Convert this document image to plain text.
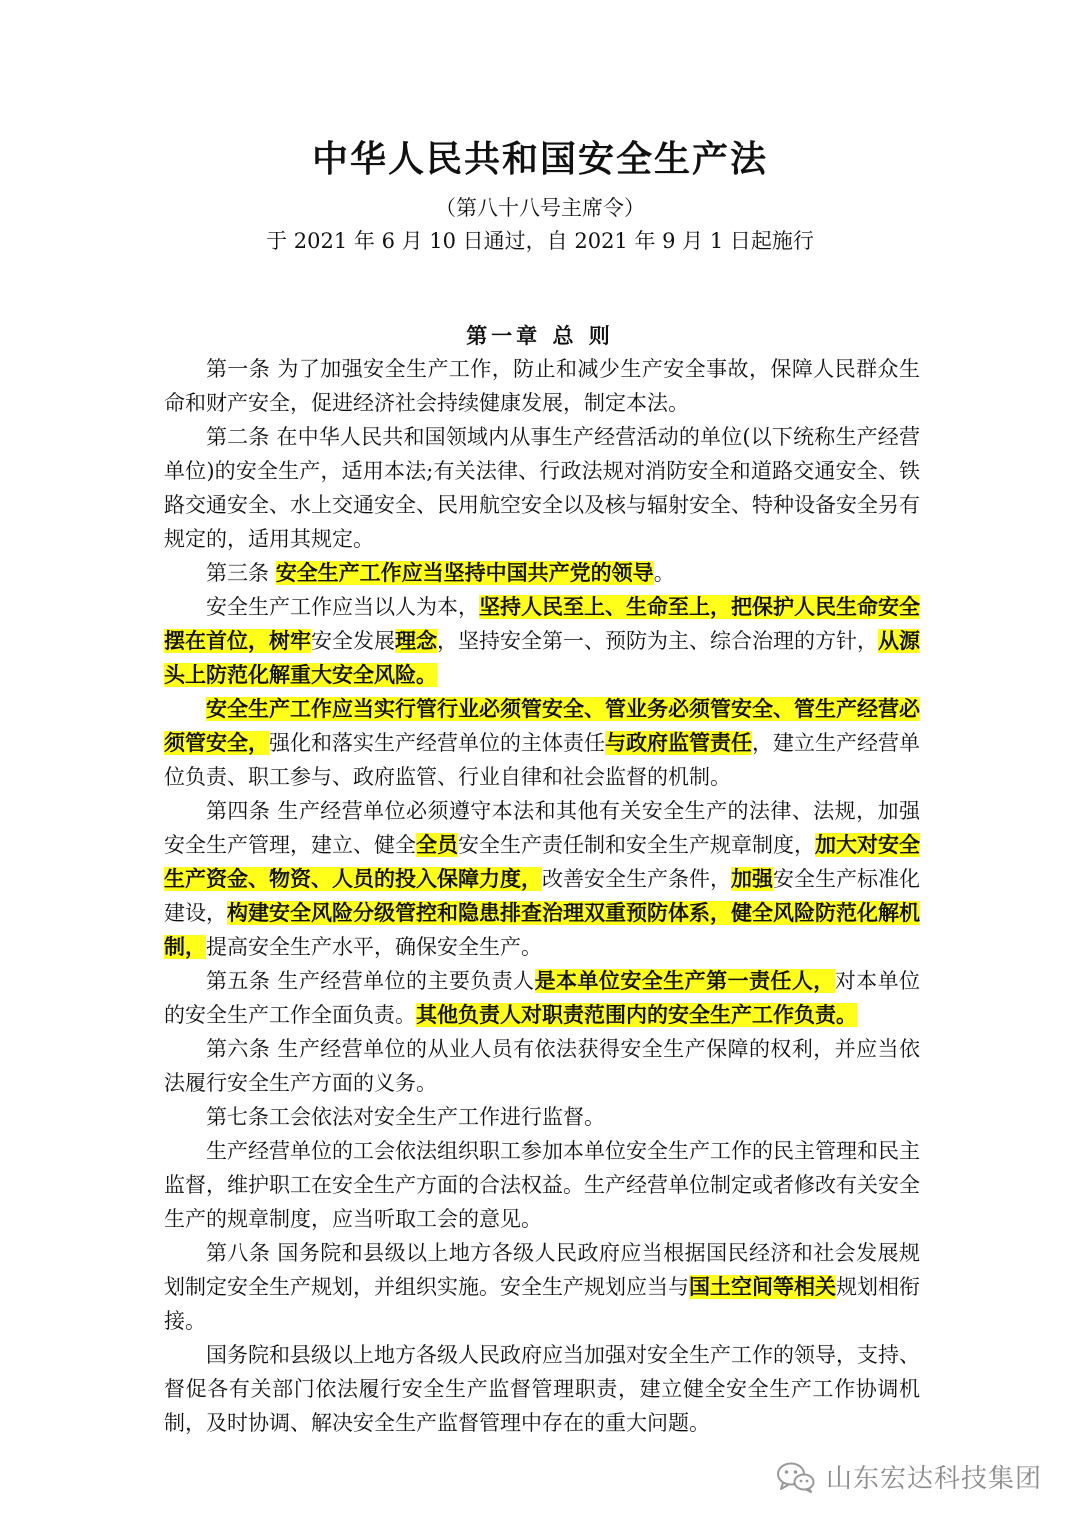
中华人民共和国安全生产法
（第八十八号主席令）
于 2021 年 6 月 10 日通过，自 2021 年 9 月 1 日起施行
第一章 总 则

第一条 为了加强安全生产工作，防止和减少生产安全事故，保障人民群众生命和财产安全，促进经济社会持续健康发展，制定本法。

第二条 在中华人民共和国领域内从事生产经营活动的单位(以下统称生产经营单位)的安全生产，适用本法;有关法律、行政法规对消防安全和道路交通安全、铁路交通安全、水上交通安全、民用航空安全以及核与辐射安全、特种设备安全另有规定的，适用其规定。

第三条 安全生产工作应当坚持中国共产党的领导。

安全生产工作应当以人为本，坚持人民至上、生命至上，把保护人民生命安全摆在首位，树牢安全发展理念，坚持安全第一、预防为主、综合治理的方针，从源头上防范化解重大安全风险。

安全生产工作应当实行管行业必须管安全、管业务必须管安全、管生产经营必须管安全，强化和落实生产经营单位的主体责任与政府监管责任，建立生产经营单位负责、职工参与、政府监管、行业自律和社会监督的机制。

第四条 生产经营单位必须遵守本法和其他有关安全生产的法律、法规，加强安全生产管理，建立、健全全员安全生产责任制和安全生产规章制度，加大对安全生产资金、物资、人员的投入保障力度，改善安全生产条件，加强安全生产标准化建设，构建安全风险分级管控和隐患排查治理双重预防体系，健全风险防范化解机制，提高安全生产水平，确保安全生产。

第五条 生产经营单位的主要负责人是本单位安全生产第一责任人，对本单位的安全生产工作全面负责。其他负责人对职责范围内的安全生产工作负责。

第六条 生产经营单位的从业人员有依法获得安全生产保障的权利，并应当依法履行安全生产方面的义务。

第七条工会依法对安全生产工作进行监督。

生产经营单位的工会依法组织职工参加本单位安全生产工作的民主管理和民主监督，维护职工在安全生产方面的合法权益。生产经营单位制定或者修改有关安全生产的规章制度，应当听取工会的意见。

第八条 国务院和县级以上地方各级人民政府应当根据国民经济和社会发展规划制定安全生产规划，并组织实施。安全生产规划应当与国土空间等相关规划相衔接。

国务院和县级以上地方各级人民政府应当加强对安全生产工作的领导，支持、督促各有关部门依法履行安全生产监督管理职责，建立健全安全生产工作协调机制，及时协调、解决安全生产监督管理中存在的重大问题。

山东宏达科技集团
